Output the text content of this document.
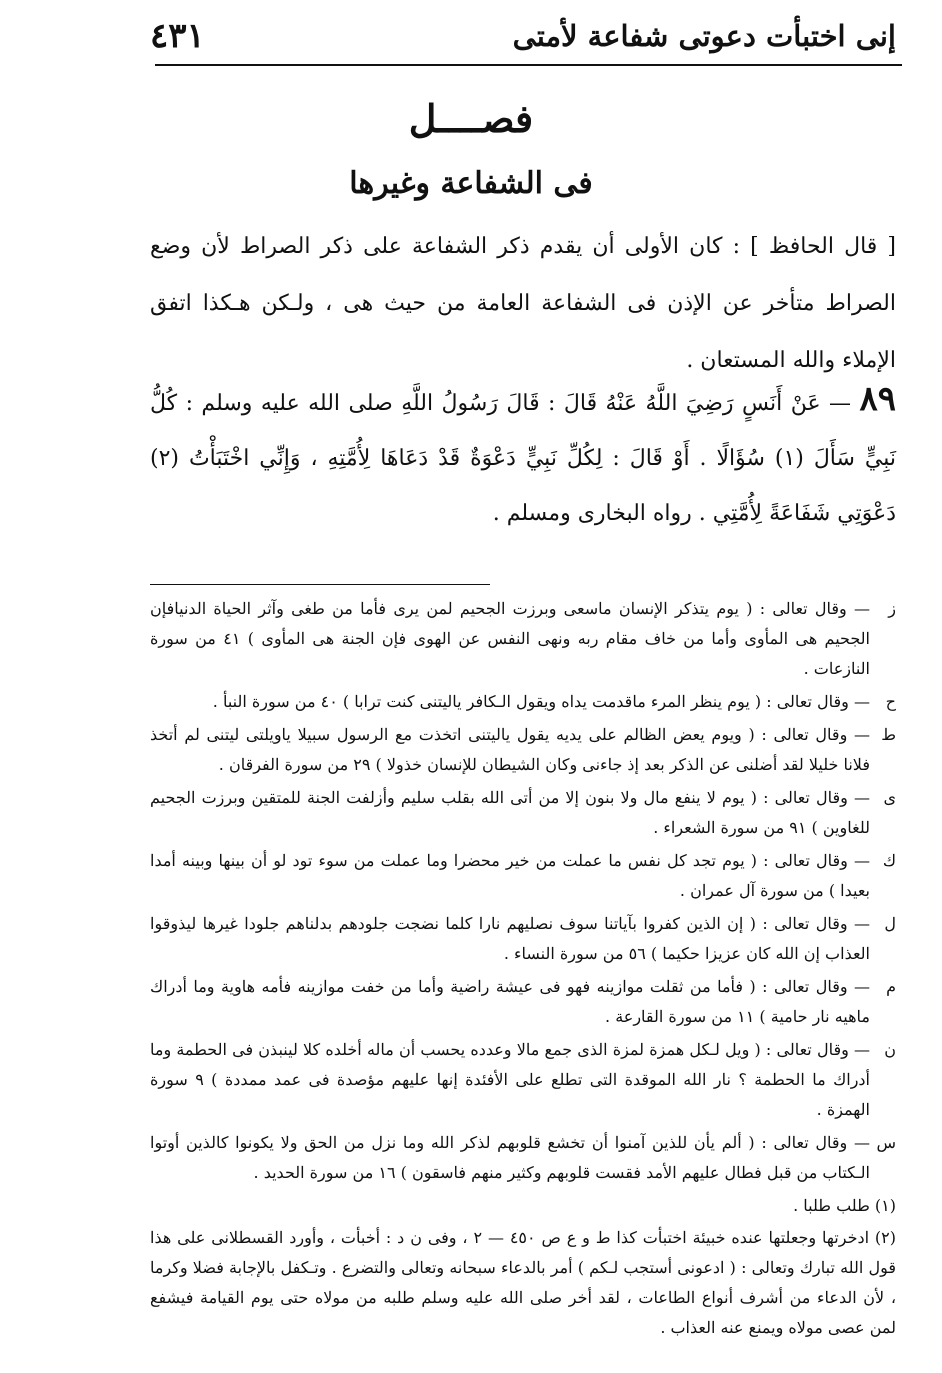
إنى اختبأت دعوتى شفاعة لأمتى
٤٣١
فصــــل
فى الشفاعة وغيرها
[ قال الحافظ ] : كان الأولى أن يقدم ذكر الشفاعة على ذكر الصراط لأن وضع الصراط متأخر عن الإذن فى الشفاعة العامة من حيث هى ، ولـكن هـكذا اتفق الإملاء والله المستعان .
٨٩ — عَنْ أَنَسٍ رَضِيَ اللَّهُ عَنْهُ قَالَ : قَالَ رَسُولُ اللَّهِ صلى الله عليه وسلم : كُلُّ نَبِيٍّ سَأَلَ (١) سُؤَالًا . أَوْ قَالَ : لِكُلِّ نَبِيٍّ دَعْوَةٌ قَدْ دَعَاهَا لِأُمَّتِهِ ، وَإِنِّي اخْتَبَأْتُ (٢) دَعْوَتِي شَفَاعَةً لِأُمَّتِي . رواه البخارى ومسلم .
ز
— وقال تعالى : ( يوم يتذكر الإنسان ماسعى وبرزت الجحيم لمن يرى فأما من طغى وآثر الحياة الدنيافإن الجحيم هى المأوى وأما من خاف مقام ربه ونهى النفس عن الهوى فإن الجنة هى المأوى ) ٤١ من سورة النازعات .
ح
— وقال تعالى : ( يوم ينظر المرء ماقدمت يداه ويقول الـكافر ياليتنى كنت ترابا ) ٤٠ من سورة النبأ .
ط
— وقال تعالى : ( ويوم يعض الظالم على يديه يقول ياليتنى اتخذت مع الرسول سبيلا ياويلتى ليتنى لم أتخذ فلانا خليلا لقد أضلنى عن الذكر بعد إذ جاءنى وكان الشيطان للإنسان خذولا ) ٢٩ من سورة الفرقان .
ى
— وقال تعالى : ( يوم لا ينفع مال ولا بنون إلا من أتى الله بقلب سليم وأزلفت الجنة للمتقين وبرزت الجحيم للغاوين ) ٩١ من سورة الشعراء .
ك
— وقال تعالى : ( يوم تجد كل نفس ما عملت من خير محضرا وما عملت من سوء تود لو أن بينها وبينه أمدا بعيدا ) من سورة آل عمران .
ل
— وقال تعالى : ( إن الذين كفروا بآياتنا سوف نصليهم نارا كلما نضجت جلودهم بدلناهم جلودا غيرها ليذوقوا العذاب إن الله كان عزيزا حكيما ) ٥٦ من سورة النساء .
م
— وقال تعالى : ( فأما من ثقلت موازينه فهو فى عيشة راضية وأما من خفت موازينه فأمه هاوية وما أدراك ماهيه نار حامية ) ١١ من سورة القارعة .
ن
— وقال تعالى : ( ويل لـكل همزة لمزة الذى جمع مالا وعدده يحسب أن ماله أخلده كلا لينبذن فى الحطمة وما أدراك ما الحطمة ؟ نار الله الموقدة التى تطلع على الأفئدة إنها عليهم مؤصدة فى عمد ممددة ) ٩ سورة الهمزة .
س
— وقال تعالى : ( ألم يأن للذين آمنوا أن تخشع قلوبهم لذكر الله وما نزل من الحق ولا يكونوا كالذين أوتوا الـكتاب من قبل فطال عليهم الأمد فقست قلوبهم وكثير منهم فاسقون ) ١٦ من سورة الحديد .
(١) طلب طلبا .
(٢) ادخرتها وجعلتها عنده خبيئة اختبأت كذا ط و ع ص ٤٥٠ — ٢ ، وفى ن د : أخبأت ، وأورد القسطلانى على هذا قول الله تبارك وتعالى : ( ادعونى أستجب لـكم ) أمر بالدعاء سبحانه وتعالى والتضرع . وتـكفل بالإجابة فضلا وكرما ، لأن الدعاء من أشرف أنواع الطاعات ، لقد أخر صلى الله عليه وسلم طلبه من مولاه حتى يوم القيامة فيشفع لمن عصى مولاه ويمنع عنه العذاب .
